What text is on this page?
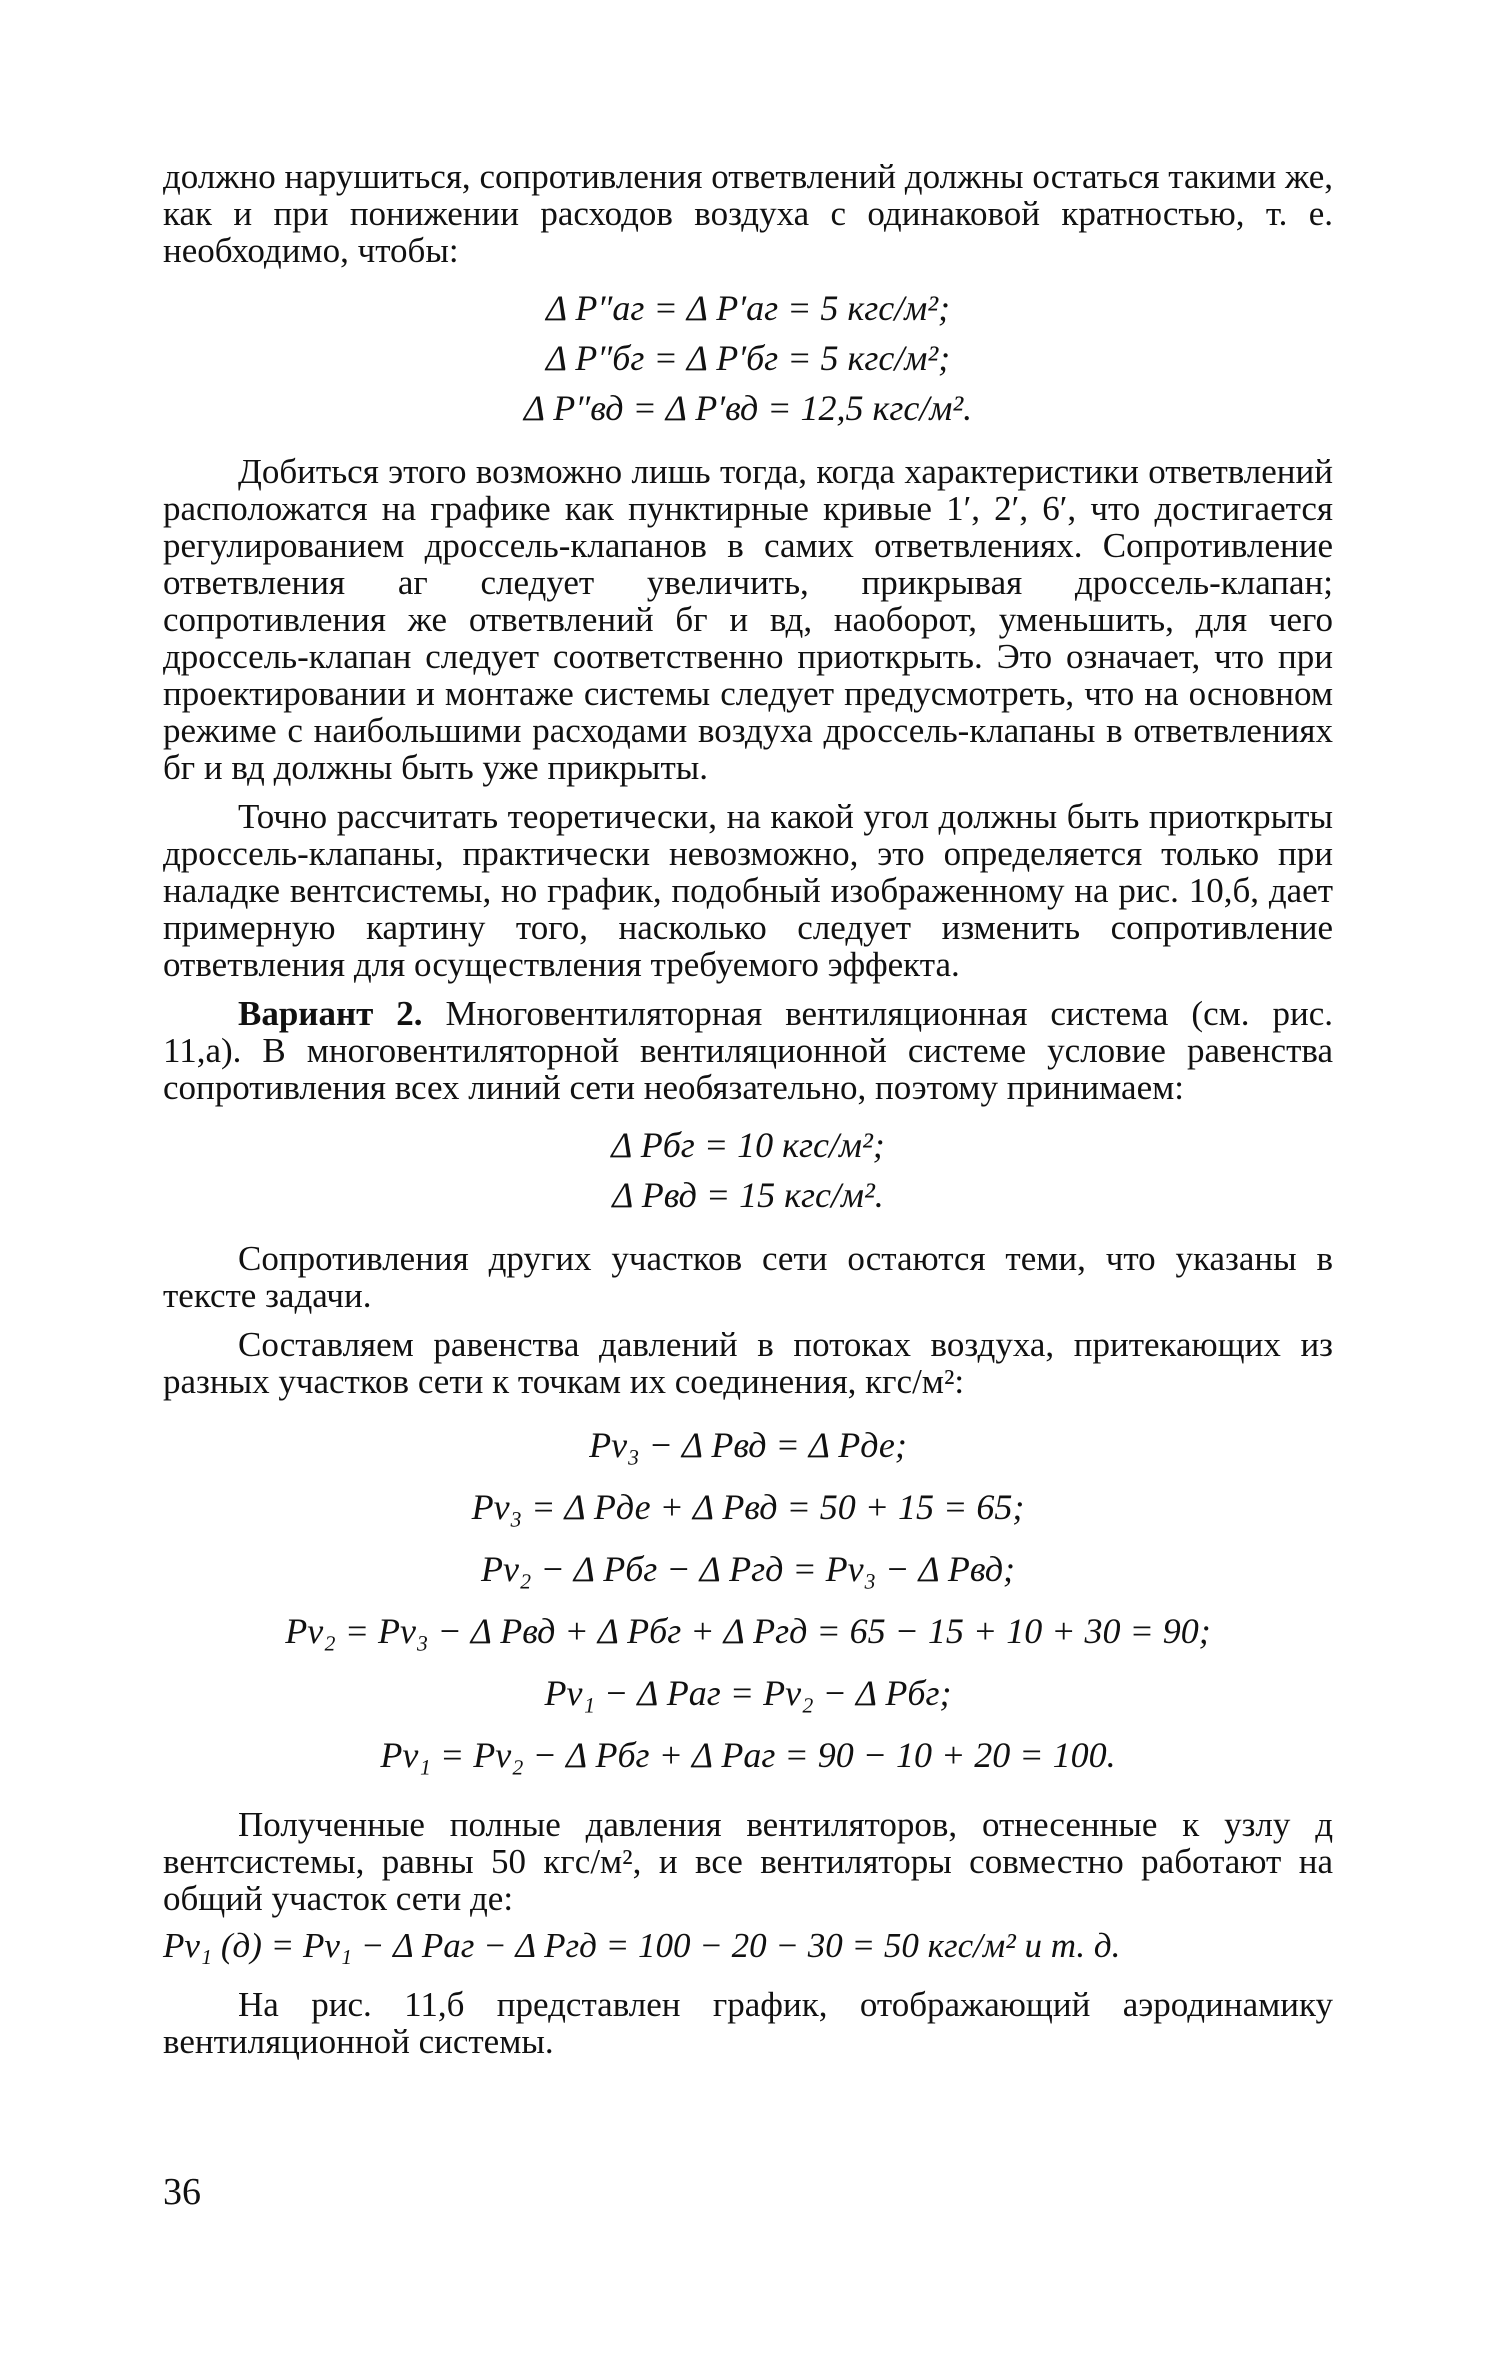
должно нарушиться, сопротивления ответвлений должны остаться такими же, как и при понижении расходов воздуха с одинаковой кратностью, т. е. необходимо, чтобы:

Δ P″аг = Δ P′аг = 5 кгс/м²;
Δ P″бг = Δ P′бг = 5 кгс/м²;
Δ P″вд = Δ P′вд = 12,5 кгс/м².

Добиться этого возможно лишь тогда, когда характеристики ответвлений расположатся на графике как пунктирные кривые 1′, 2′, 6′, что достигается регулированием дроссель-клапанов в самих ответвлениях. Сопротивление ответвления аг следует увеличить, прикрывая дроссель-клапан; сопротивления же ответвлений бг и вд, наоборот, уменьшить, для чего дроссель-клапан следует соответственно приоткрыть. Это означает, что при проектировании и монтаже системы следует предусмотреть, что на основном режиме с наибольшими расходами воздуха дроссель-клапаны в ответвлениях бг и вд должны быть уже прикрыты.

Точно рассчитать теоретически, на какой угол должны быть приоткрыты дроссель-клапаны, практически невозможно, это определяется только при наладке вентсистемы, но график, подобный изображенному на рис. 10,б, дает примерную картину того, насколько следует изменить сопротивление ответвления для осуществления требуемого эффекта.

Вариант 2. Многовентиляторная вентиляционная система (см. рис. 11,а). В многовентиляторной вентиляционной системе условие равенства сопротивления всех линий сети необязательно, поэтому принимаем:

Δ Pбг = 10 кгс/м²;
Δ Pвд = 15 кгс/м².

Сопротивления других участков сети остаются теми, что указаны в тексте задачи.

Составляем равенства давлений в потоках воздуха, притекающих из разных участков сети к точкам их соединения, кгс/м²:

Pv₃ − Δ Pвд = Δ Pде;
Pv₃ = Δ Pде + Δ Pвд = 50 + 15 = 65;
Pv₂ − Δ Pбг − Δ Pгд = Pv₃ − Δ Pвд;
Pv₂ = Pv₃ − Δ Pвд + Δ Pбг + Δ Pгд = 65 − 15 + 10 + 30 = 90;
Pv₁ − Δ Pаг = Pv₂ − Δ Pбг;
Pv₁ = Pv₂ − Δ Pбг + Δ Pаг = 90 − 10 + 20 = 100.

Полученные полные давления вентиляторов, отнесенные к узлу д вентсистемы, равны 50 кгс/м², и все вентиляторы совместно работают на общий участок сети де:

Pv₁ (д) = Pv₁ − Δ Pаг − Δ Pгд = 100 − 20 − 30 = 50 кгс/м² и т. д.

На рис. 11,б представлен график, отображающий аэродинамику вентиляционной системы.

36
